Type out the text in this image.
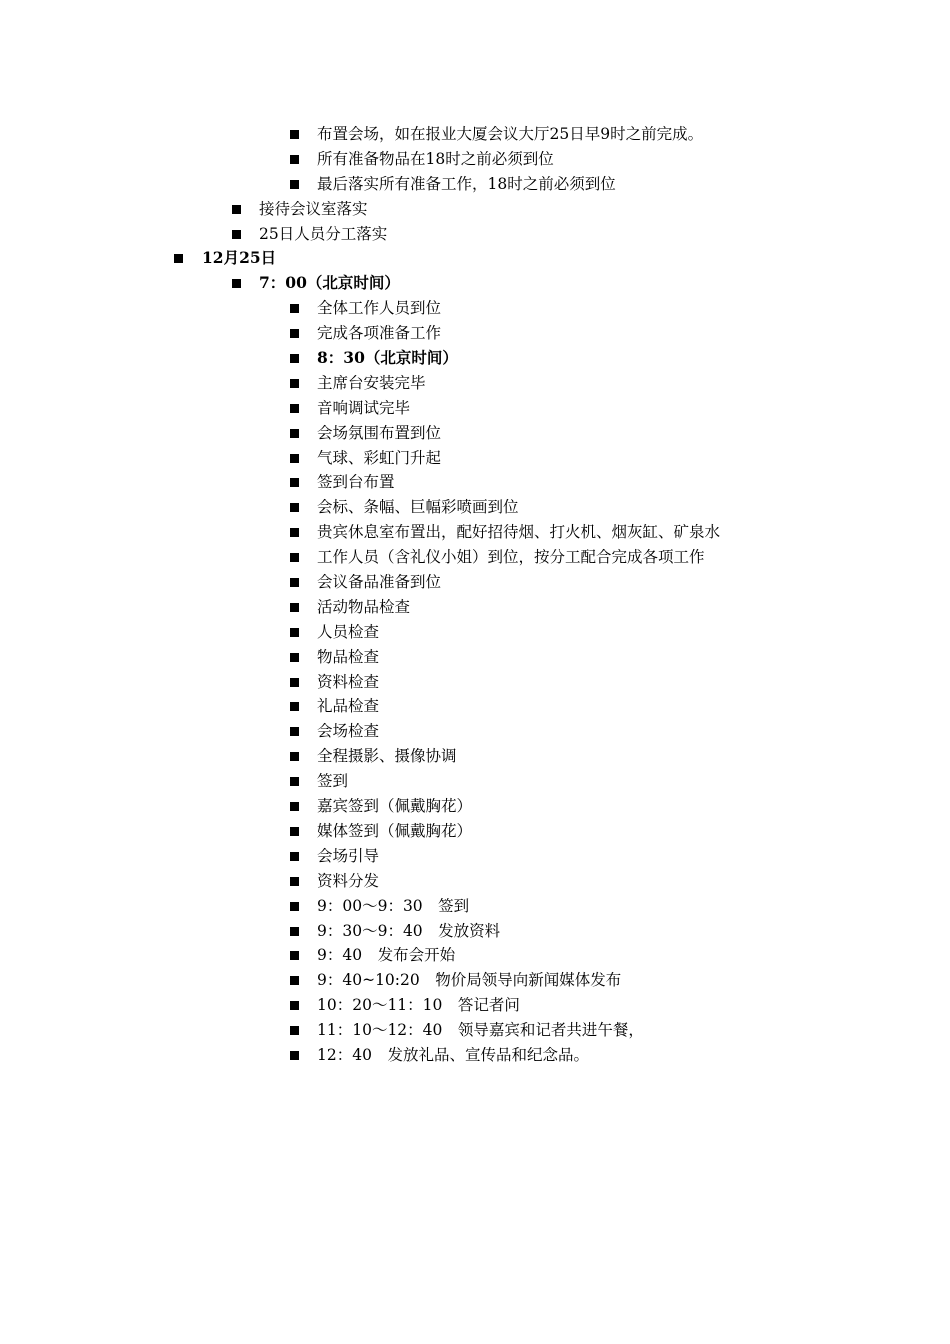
布置会场，如在报业大厦会议大厅25日早9时之前完成。
所有准备物品在18时之前必须到位
最后落实所有准备工作，18时之前必须到位
接待会议室落实
25日人员分工落实
12月25日
7：00（北京时间）
全体工作人员到位
完成各项准备工作
8：30（北京时间）
主席台安装完毕
音响调试完毕
会场氛围布置到位
气球、彩虹门升起
签到台布置
会标、条幅、巨幅彩喷画到位
贵宾休息室布置出，配好招待烟、打火机、烟灰缸、矿泉水
工作人员（含礼仪小姐）到位，按分工配合完成各项工作
会议备品准备到位
活动物品检查
人员检查
物品检查
资料检查
礼品检查
会场检查
全程摄影、摄像协调
签到
嘉宾签到（佩戴胸花）
媒体签到（佩戴胸花）
会场引导
资料分发
9：00～9：30　签到
9：30～9：40　发放资料
9：40　发布会开始
9：40~10:20　物价局领导向新闻媒体发布
10：20～11：10　答记者问
11：10～12：40　领导嘉宾和记者共进午餐，
12：40　发放礼品、宣传品和纪念品。
